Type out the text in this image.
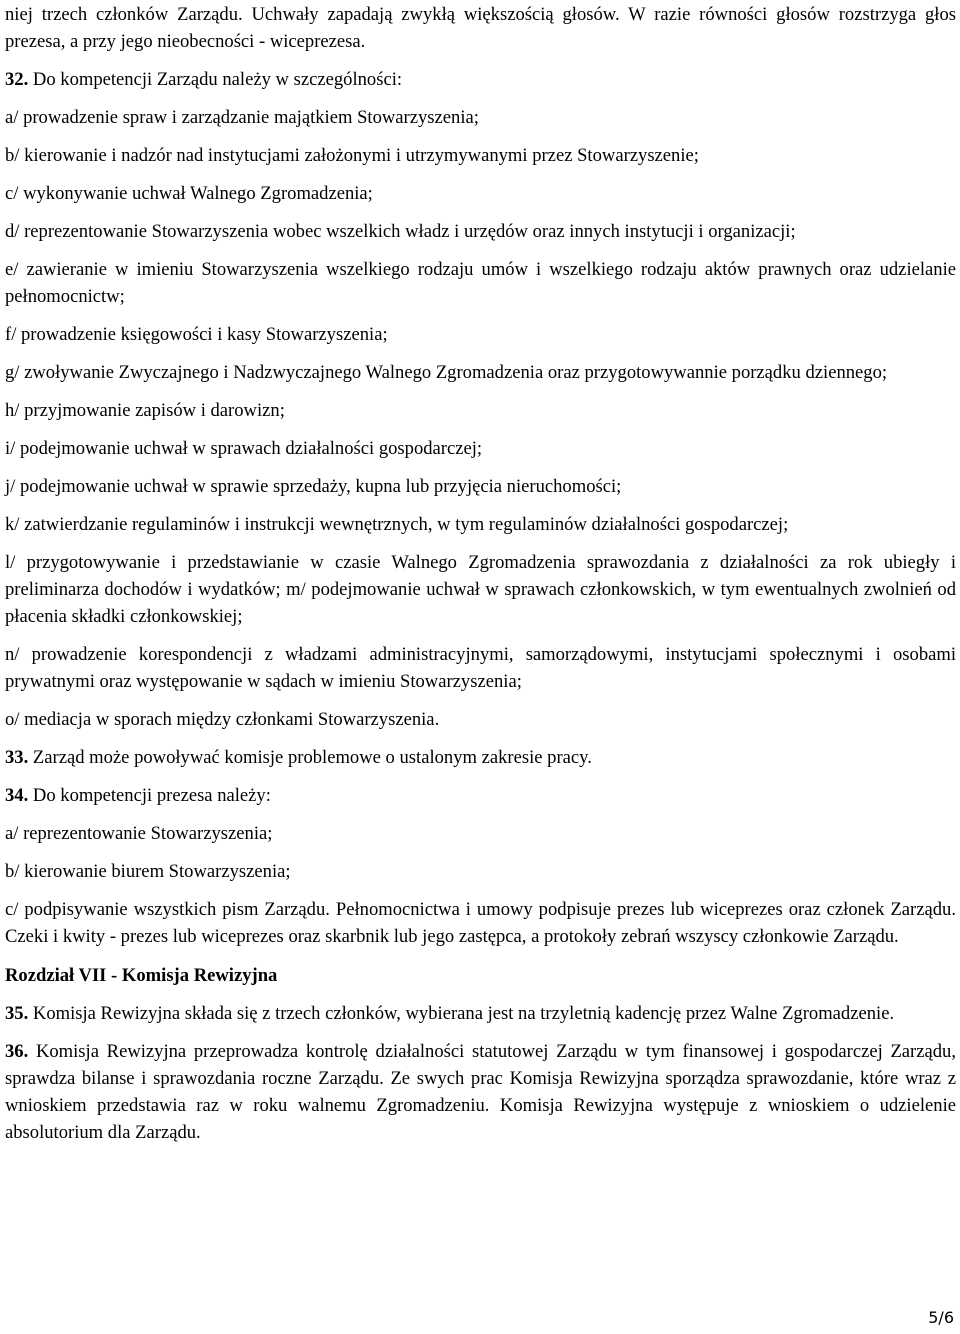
niej trzech członków Zarządu. Uchwały zapadają zwykłą większością głosów. W razie równości głosów rozstrzyga głos prezesa, a przy jego nieobecności - wiceprezesa.

32. Do kompetencji Zarządu należy w szczególności:

a/ prowadzenie spraw i zarządzanie majątkiem Stowarzyszenia;

b/ kierowanie i nadzór nad instytucjami założonymi i utrzymywanymi przez Stowarzyszenie;

c/ wykonywanie uchwał Walnego Zgromadzenia;

d/ reprezentowanie Stowarzyszenia wobec wszelkich władz i urzędów oraz innych instytucji i organizacji;

e/ zawieranie w imieniu Stowarzyszenia wszelkiego rodzaju umów i wszelkiego rodzaju aktów prawnych oraz udzielanie pełnomocnictw;

f/ prowadzenie księgowości i kasy Stowarzyszenia;

g/ zwoływanie Zwyczajnego i Nadzwyczajnego Walnego Zgromadzenia oraz przygotowywannie porządku dziennego;

h/ przyjmowanie zapisów i darowizn;

i/ podejmowanie uchwał w sprawach działalności gospodarczej;

j/ podejmowanie uchwał w sprawie sprzedaży, kupna lub przyjęcia nieruchomości;

k/ zatwierdzanie regulaminów i instrukcji wewnętrznych, w tym regulaminów działalności gospodarczej;

l/ przygotowywanie i przedstawianie w czasie Walnego Zgromadzenia sprawozdania z działalności za rok ubiegły i preliminarza dochodów i wydatków; m/ podejmowanie uchwał w sprawach członkowskich, w tym ewentualnych zwolnień od płacenia składki członkowskiej;

n/ prowadzenie korespondencji z władzami administracyjnymi, samorządowymi, instytucjami społecznymi i osobami prywatnymi oraz występowanie w sądach w imieniu Stowarzyszenia;

o/ mediacja w sporach między członkami Stowarzyszenia.

33. Zarząd może powoływać komisje problemowe o ustalonym zakresie pracy.

34. Do kompetencji prezesa należy:

a/ reprezentowanie Stowarzyszenia;

b/ kierowanie biurem Stowarzyszenia;

c/ podpisywanie wszystkich pism Zarządu. Pełnomocnictwa i umowy podpisuje prezes lub wiceprezes oraz członek Zarządu. Czeki i kwity - prezes lub wiceprezes oraz skarbnik lub jego zastępca, a protokoły zebrań wszyscy członkowie Zarządu.

Rozdział VII - Komisja Rewizyjna

35. Komisja Rewizyjna składa się z trzech członków, wybierana jest na trzyletnią kadencję przez Walne Zgromadzenie.

36. Komisja Rewizyjna przeprowadza kontrolę działalności statutowej Zarządu w tym finansowej i gospodarczej Zarządu, sprawdza bilanse i sprawozdania roczne Zarządu. Ze swych prac Komisja Rewizyjna sporządza sprawozdanie, które wraz z wnioskiem przedstawia raz w roku walnemu Zgromadzeniu. Komisja Rewizyjna występuje z wnioskiem o udzielenie absolutorium dla Zarządu.

5/6
